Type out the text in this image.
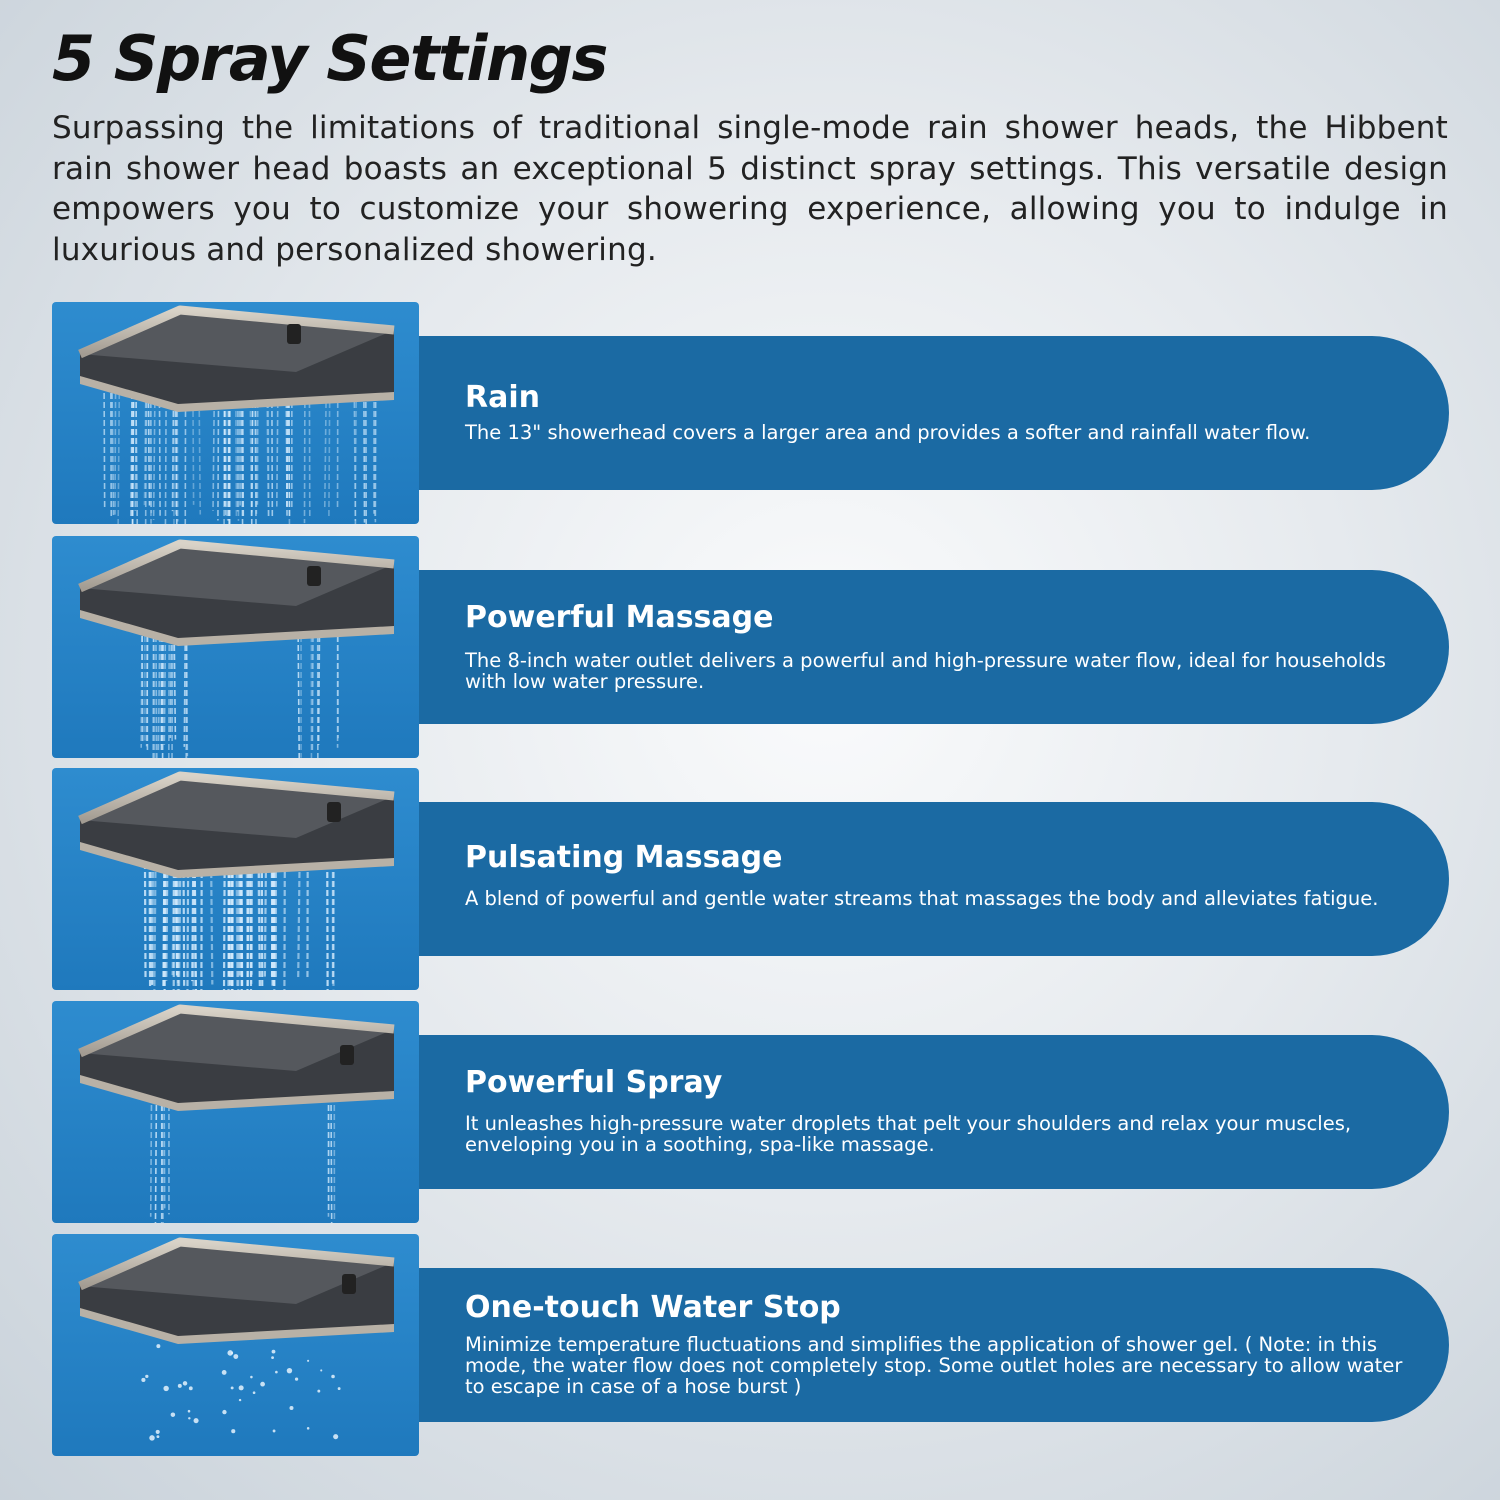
5 Spray Settings

Surpassing the limitations of traditional single-mode rain shower heads, the Hibbent rain shower head boasts an exceptional 5 distinct spray settings. This versatile design empowers you to customize your showering experience, allowing you to indulge in luxurious and personalized showering.

Rain

The 13" showerhead covers a larger area and provides a softer and rainfall water flow.

Powerful Massage

The 8-inch water outlet delivers a powerful and high-pressure water flow, ideal for households with low water pressure.

Pulsating Massage

A blend of powerful and gentle water streams that massages the body and alleviates fatigue.

Powerful Spray

It unleashes high-pressure water droplets that pelt your shoulders and relax your muscles, enveloping you in a soothing, spa-like massage.

One-touch Water Stop

Minimize temperature fluctuations and simplifies the application of shower gel. ( Note: in this mode, the water flow does not completely stop. Some outlet holes are necessary to allow water to escape in case of a hose burst )
